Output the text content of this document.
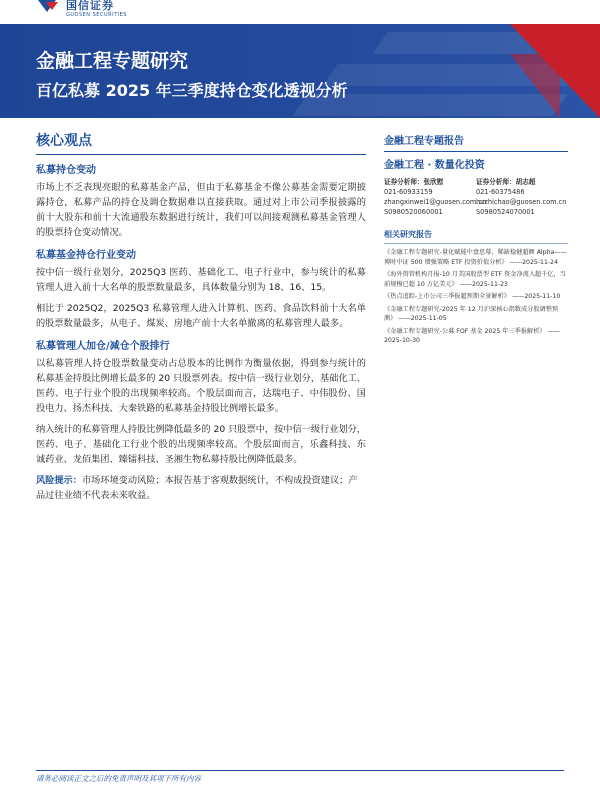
国信证券
GUOSEN SECURITIES
金融工程专题研究
百亿私募 2025 年三季度持仓变化透视分析
核心观点
私募持仓变动

市场上不乏表现亮眼的私募基金产品，但由于私募基金不像公募基金需要定期披露持仓，私募产品的持仓及调仓数据难以直接获取。通过对上市公司季报披露的前十大股东和前十大流通股东数据进行统计，我们可以间接观测私募基金管理人的股票持仓变动情况。

私募基金持仓行业变动

按中信一级行业划分，2025Q3 医药、基础化工、电子行业中，参与统计的私募管理人进入前十大名单的股票数量最多，具体数量分别为 18、16、15。

相比于 2025Q2，2025Q3 私募管理人进入计算机、医药、食品饮料前十大名单的股票数量最多，从电子、煤炭、房地产前十大名单撤离的私募管理人最多。

私募管理人加仓/减仓个股排行

以私募管理人持仓股票数量变动占总股本的比例作为衡量依据，得到参与统计的私募基金持股比例增长最多的 20 只股票列表。按中信一级行业划分，基础化工、医药、电子行业个股的出现频率较高。个股层面而言，达瑞电子、中伟股份、国投电力、扬杰科技、大秦铁路的私募基金持股比例增长最多。

纳入统计的私募管理人持股比例降低最多的 20 只股票中，按中信一级行业划分，医药、电子、基础化工行业个股的出现频率较高。个股层面而言，乐鑫科技、东诚药业、龙佰集团、臻镭科技、圣湘生物私募持股比例降低最多。

风险提示：市场环境变动风险；本报告基于客观数据统计，不构成投资建议；产品过往业绩不代表未来收益。
金融工程专题报告
金融工程 · 数量化投资
证券分析师：张欣慰
021-60933159
zhangxinwei1@guosen.com.cn
S0980520060001
证券分析师：胡志超
021-60375486
huzhichao@guosen.com.cn
S0980524070001
相关研究报告
《金融工程专题研究-量化赋能中盘思幕，稀缺稳健超额 Alpha——博时中证 500 增强策略 ETF 投资价值分析》 ——2025-11-24
《海外资管机构月报-10 月美国股票型 ETF 资金净流入超千亿，当前规模已超 10 万亿美元》 ——2025-11-23
《热点追踪-上市公司三季报超预期全景解析》 ——2025-11-10
《金融工程专题研究-2025 年 12 月沪深核心指数成分股调整预测》 ——2025-11-05
《金融工程专题研究-公募 FOF 基金 2025 年三季报解析》 ——2025-10-30
请务必阅读正文之后的免责声明及其项下所有内容
